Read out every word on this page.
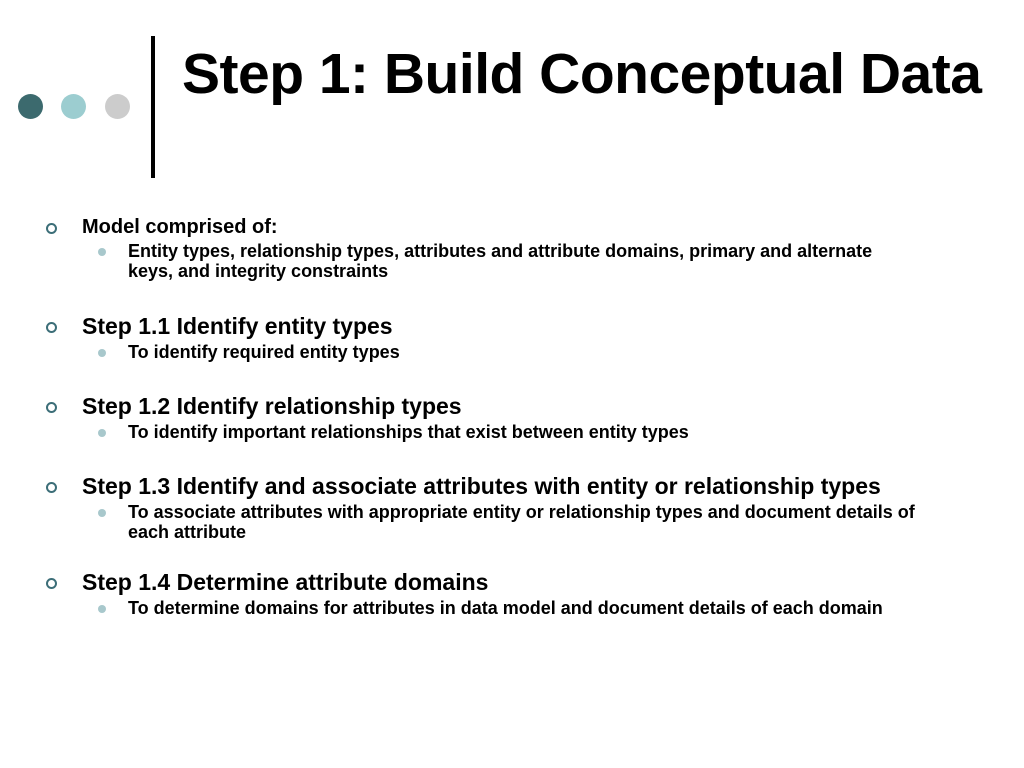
Step 1: Build Conceptual Data

Model comprised of:

Entity types, relationship types, attributes and attribute domains, primary and alternate keys, and integrity constraints

Step 1.1 Identify entity types

To identify required entity types

Step 1.2 Identify relationship types

To identify important relationships that exist between entity types

Step 1.3 Identify and associate attributes with entity or relationship types

To associate attributes with appropriate entity or relationship types and document details of each attribute

Step 1.4 Determine attribute domains

To determine domains for attributes in data model and document details of each domain
